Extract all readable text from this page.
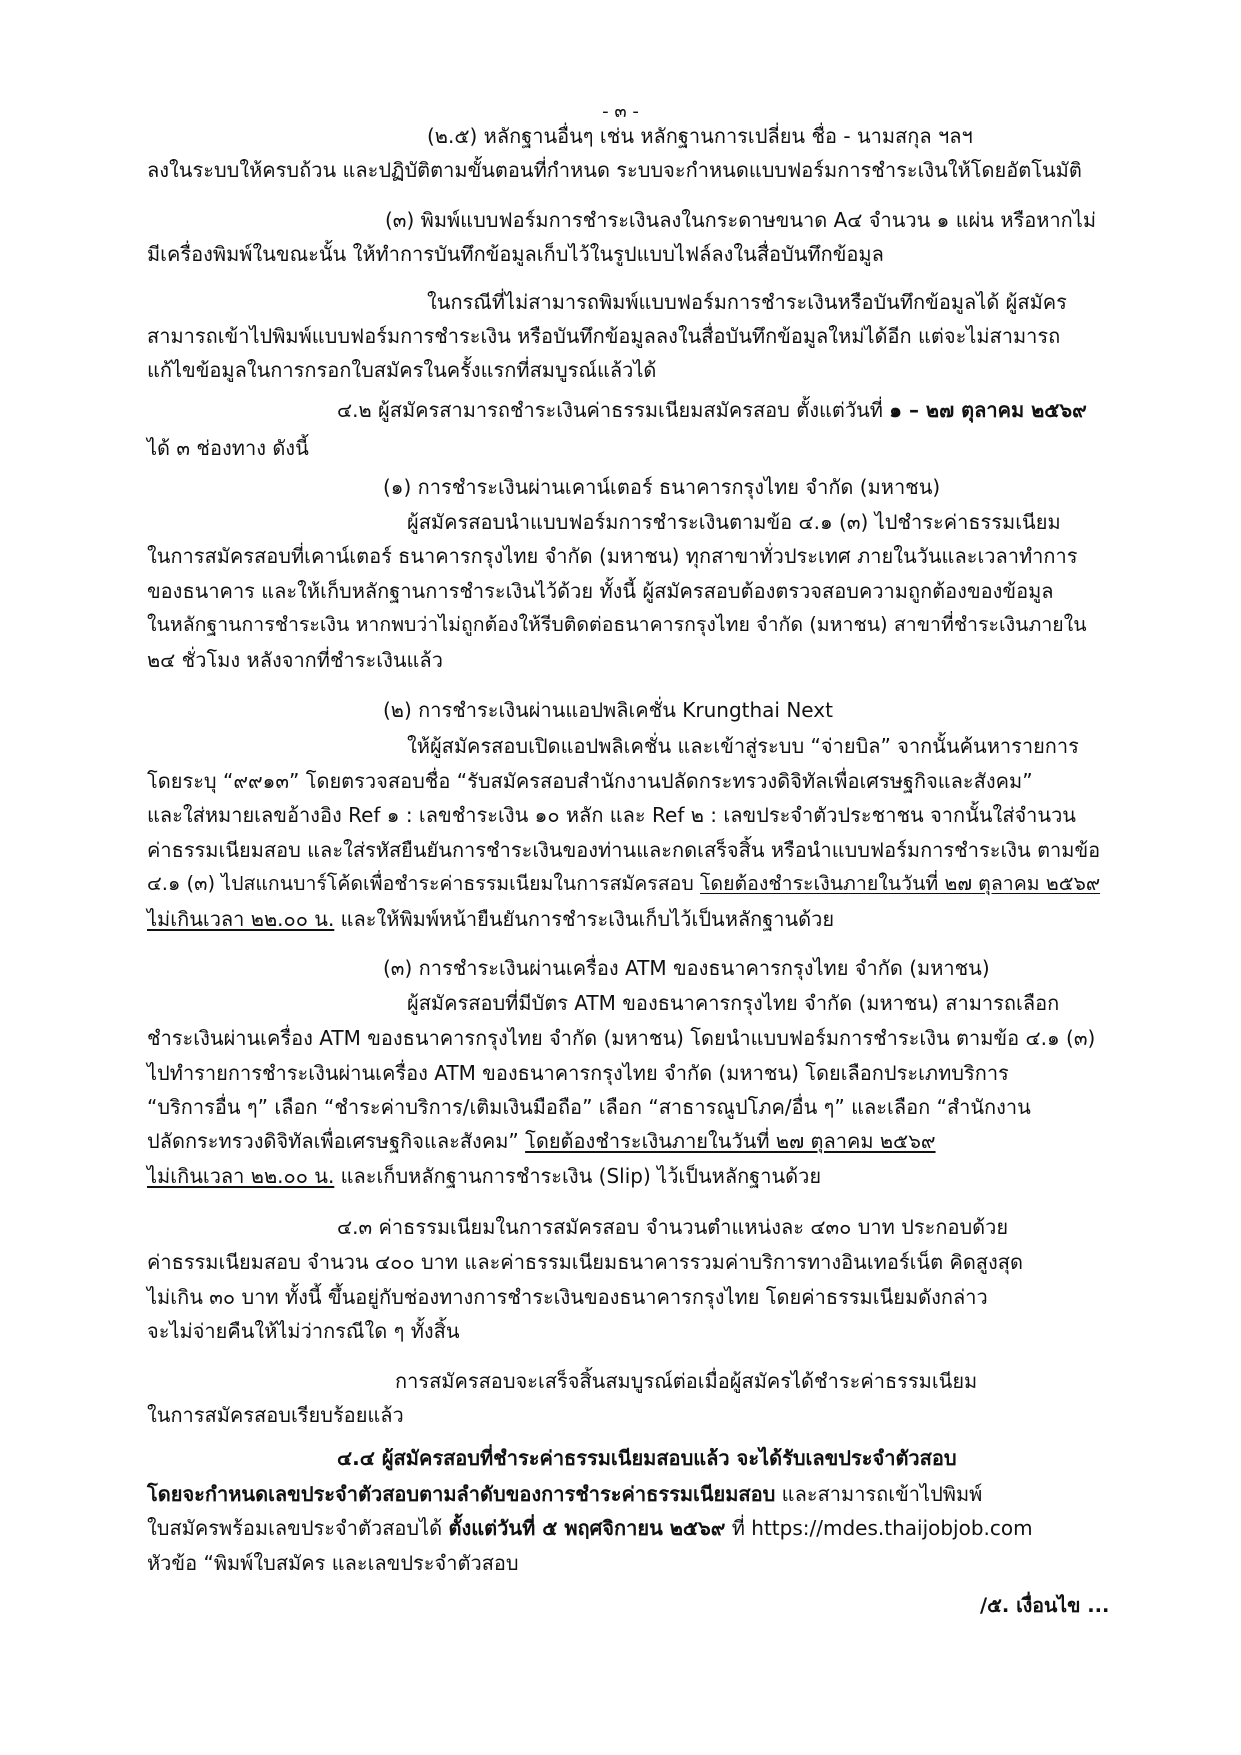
- ๓ -
(๒.๕) หลักฐานอื่นๆ เช่น หลักฐานการเปลี่ยน ชื่อ - นามสกุล ฯลฯ
ลงในระบบให้ครบถ้วน และปฏิบัติตามขั้นตอนที่กำหนด ระบบจะกำหนดแบบฟอร์มการชำระเงินให้โดยอัตโนมัติ
(๓) พิมพ์แบบฟอร์มการชำระเงินลงในกระดาษขนาด A๔ จำนวน ๑ แผ่น หรือหากไม่
มีเครื่องพิมพ์ในขณะนั้น ให้ทำการบันทึกข้อมูลเก็บไว้ในรูปแบบไฟล์ลงในสื่อบันทึกข้อมูล
ในกรณีที่ไม่สามารถพิมพ์แบบฟอร์มการชำระเงินหรือบันทึกข้อมูลได้ ผู้สมัคร
สามารถเข้าไปพิมพ์แบบฟอร์มการชำระเงิน หรือบันทึกข้อมูลลงในสื่อบันทึกข้อมูลใหม่ได้อีก แต่จะไม่สามารถ
แก้ไขข้อมูลในการกรอกใบสมัครในครั้งแรกที่สมบูรณ์แล้วได้
๔.๒ ผู้สมัครสามารถชำระเงินค่าธรรมเนียมสมัครสอบ ตั้งแต่วันที่ ๑ – ๒๗ ตุลาคม ๒๕๖๙
ได้ ๓ ช่องทาง ดังนี้
(๑) การชำระเงินผ่านเคาน์เตอร์ ธนาคารกรุงไทย จำกัด (มหาชน)
ผู้สมัครสอบนำแบบฟอร์มการชำระเงินตามข้อ ๔.๑ (๓) ไปชำระค่าธรรมเนียม
ในการสมัครสอบที่เคาน์เตอร์ ธนาคารกรุงไทย จำกัด (มหาชน) ทุกสาขาทั่วประเทศ ภายในวันและเวลาทำการ
ของธนาคาร และให้เก็บหลักฐานการชำระเงินไว้ด้วย ทั้งนี้ ผู้สมัครสอบต้องตรวจสอบความถูกต้องของข้อมูล
ในหลักฐานการชำระเงิน หากพบว่าไม่ถูกต้องให้รีบติดต่อธนาคารกรุงไทย จำกัด (มหาชน) สาขาที่ชำระเงินภายใน
๒๔ ชั่วโมง หลังจากที่ชำระเงินแล้ว
(๒) การชำระเงินผ่านแอปพลิเคชั่น Krungthai Next
ให้ผู้สมัครสอบเปิดแอปพลิเคชั่น และเข้าสู่ระบบ “จ่ายบิล” จากนั้นค้นหารายการ
โดยระบุ “๙๙๑๓” โดยตรวจสอบชื่อ “รับสมัครสอบสำนักงานปลัดกระทรวงดิจิทัลเพื่อเศรษฐกิจและสังคม”
และใส่หมายเลขอ้างอิง Ref ๑ : เลขชำระเงิน ๑๐ หลัก และ Ref ๒ : เลขประจำตัวประชาชน จากนั้นใส่จำนวน
ค่าธรรมเนียมสอบ และใส่รหัสยืนยันการชำระเงินของท่านและกดเสร็จสิ้น หรือนำแบบฟอร์มการชำระเงิน ตามข้อ
๔.๑ (๓) ไปสแกนบาร์โค้ดเพื่อชำระค่าธรรมเนียมในการสมัครสอบ โดยต้องชำระเงินภายในวันที่ ๒๗ ตุลาคม ๒๕๖๙
ไม่เกินเวลา ๒๒.๐๐ น. และให้พิมพ์หน้ายืนยันการชำระเงินเก็บไว้เป็นหลักฐานด้วย
(๓) การชำระเงินผ่านเครื่อง ATM ของธนาคารกรุงไทย จำกัด (มหาชน)
ผู้สมัครสอบที่มีบัตร ATM ของธนาคารกรุงไทย จำกัด (มหาชน) สามารถเลือก
ชำระเงินผ่านเครื่อง ATM ของธนาคารกรุงไทย จำกัด (มหาชน) โดยนำแบบฟอร์มการชำระเงิน ตามข้อ ๔.๑ (๓)
ไปทำรายการชำระเงินผ่านเครื่อง ATM ของธนาคารกรุงไทย จำกัด (มหาชน) โดยเลือกประเภทบริการ
“บริการอื่น ๆ” เลือก “ชำระค่าบริการ/เติมเงินมือถือ” เลือก “สาธารณูปโภค/อื่น ๆ” และเลือก “สำนักงาน
ปลัดกระทรวงดิจิทัลเพื่อเศรษฐกิจและสังคม” โดยต้องชำระเงินภายในวันที่ ๒๗ ตุลาคม ๒๕๖๙
ไม่เกินเวลา ๒๒.๐๐ น. และเก็บหลักฐานการชำระเงิน (Slip) ไว้เป็นหลักฐานด้วย
๔.๓ ค่าธรรมเนียมในการสมัครสอบ จำนวนตำแหน่งละ ๔๓๐ บาท ประกอบด้วย
ค่าธรรมเนียมสอบ จำนวน ๔๐๐ บาท และค่าธรรมเนียมธนาคารรวมค่าบริการทางอินเทอร์เน็ต คิดสูงสุด
ไม่เกิน ๓๐ บาท ทั้งนี้ ขึ้นอยู่กับช่องทางการชำระเงินของธนาคารกรุงไทย โดยค่าธรรมเนียมดังกล่าว
จะไม่จ่ายคืนให้ไม่ว่ากรณีใด ๆ ทั้งสิ้น
การสมัครสอบจะเสร็จสิ้นสมบูรณ์ต่อเมื่อผู้สมัครได้ชำระค่าธรรมเนียม
ในการสมัครสอบเรียบร้อยแล้ว
๔.๔ ผู้สมัครสอบที่ชำระค่าธรรมเนียมสอบแล้ว จะได้รับเลขประจำตัวสอบ
โดยจะกำหนดเลขประจำตัวสอบตามลำดับของการชำระค่าธรรมเนียมสอบ และสามารถเข้าไปพิมพ์
ใบสมัครพร้อมเลขประจำตัวสอบได้ ตั้งแต่วันที่ ๕ พฤศจิกายน ๒๕๖๙ ที่ https://mdes.thaijobjob.com
หัวข้อ “พิมพ์ใบสมัคร และเลขประจำตัวสอบ
/๕. เงื่อนไข ...
